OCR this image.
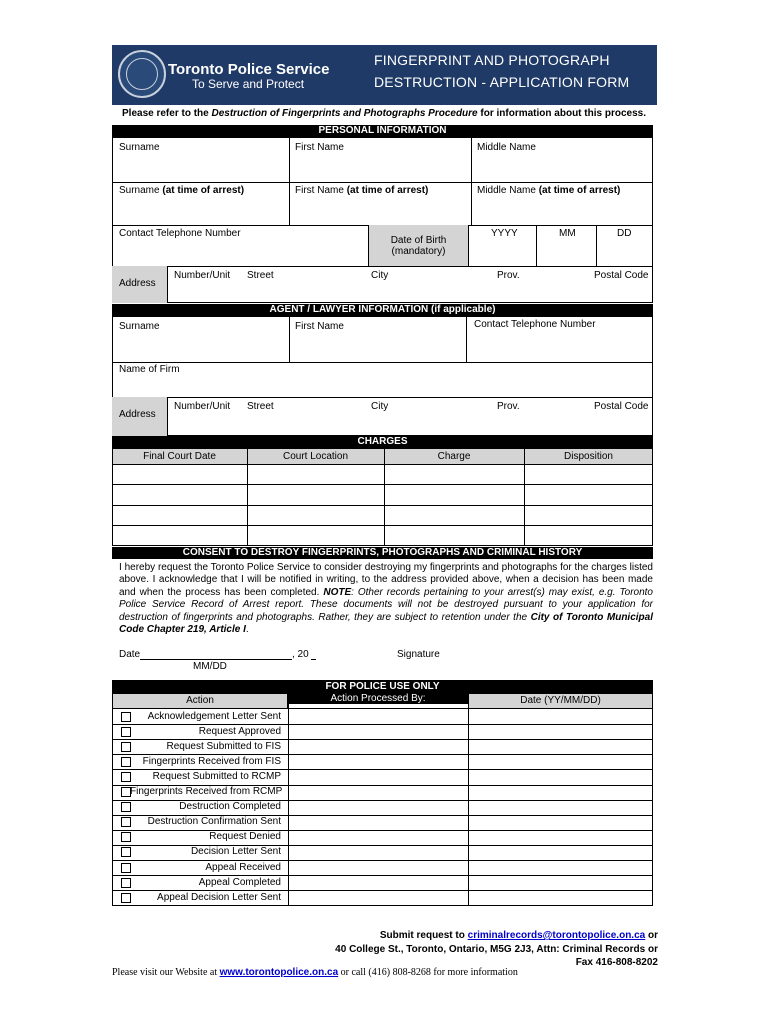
Toronto Police Service
To Serve and Protect
FINGERPRINT AND PHOTOGRAPH
DESTRUCTION - APPLICATION FORM
Please refer to the Destruction of Fingerprints and Photographs Procedure for information about this process.
PERSONAL INFORMATION
Surname	First Name	Middle Name
Surname (at time of arrest)	First Name (at time of arrest)	Middle Name (at time of arrest)
Contact Telephone Number
Date of Birth
(mandatory)
YYYY	MM	DD
Address
Number/Unit Street	City	Prov.	Postal Code
AGENT / LAWYER INFORMATION (if applicable)
Surname	First Name	Contact Telephone Number
Name of Firm
Address
Number/Unit Street	City	Prov.	Postal Code
CHARGES
Final Court Date	Court Location	Charge	Disposition
CONSENT TO DESTROY FINGERPRINTS, PHOTOGRAPHS AND CRIMINAL HISTORY
I hereby request the Toronto Police Service to consider destroying my fingerprints and photographs for the charges listed above. I acknowledge that I will be notified in writing, to the address provided above, when a decision has been made and when the process has been completed. NOTE: Other records pertaining to your arrest(s) may exist, e.g. Toronto Police Service Record of Arrest report. These documents will not be destroyed pursuant to your application for destruction of fingerprints and photographs. Rather, they are subject to retention under the City of Toronto Municipal Code Chapter 219, Article I.
Date	, 20
MM/DD
Signature
FOR POLICE USE ONLY
Action	Action Processed By:	Date (YY/MM/DD)
Acknowledgement Letter Sent
Request Approved
Request Submitted to FIS
Fingerprints Received from FIS
Request Submitted to RCMP
Fingerprints Received from RCMP
Destruction Completed
Destruction Confirmation Sent
Request Denied
Decision Letter Sent
Appeal Received
Appeal Completed
Appeal Decision Letter Sent
Submit request to criminalrecords@torontopolice.on.ca or
40 College St., Toronto, Ontario, M5G 2J3, Attn: Criminal Records or
Fax 416-808-8202
Please visit our Website at www.torontopolice.on.ca or call (416) 808-8268 for more information
